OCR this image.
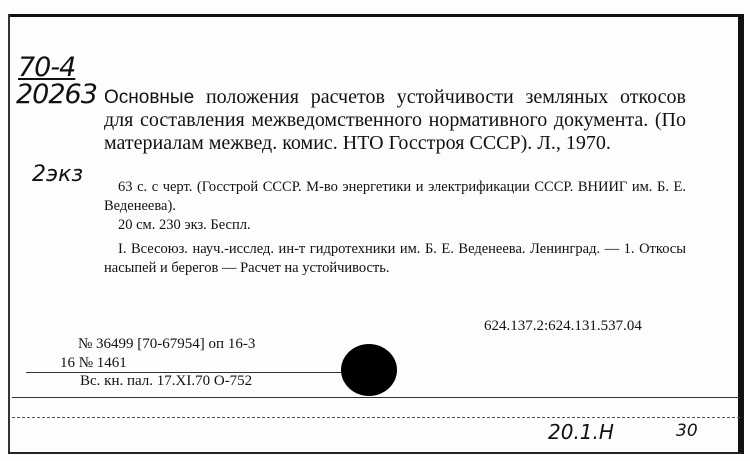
70-4
20263
2экз
Основные положения расчетов устойчивости земляных откосов для составления межведомственного нормативного документа. (По материалам межвед. комис. НТО Госстроя СССР). Л., 1970.

63 с. с черт. (Госстрой СССР. М-во энергетики и электрификации СССР. ВНИИГ им. Б. Е. Веденеева).

20 см. 230 экз. Беспл.

I. Всесоюз. науч.-исслед. ин-т гидротехники им. Б. Е. Веденеева. Ленинград. — 1. Откосы насыпей и берегов — Расчет на устойчивость.

624.137.2:624.131.537.04
№ 36499 [70-67954] оп 16-3
16 № 1461
Вс. кн. пал. 17.XI.70 О-752
20.1.Н	30
